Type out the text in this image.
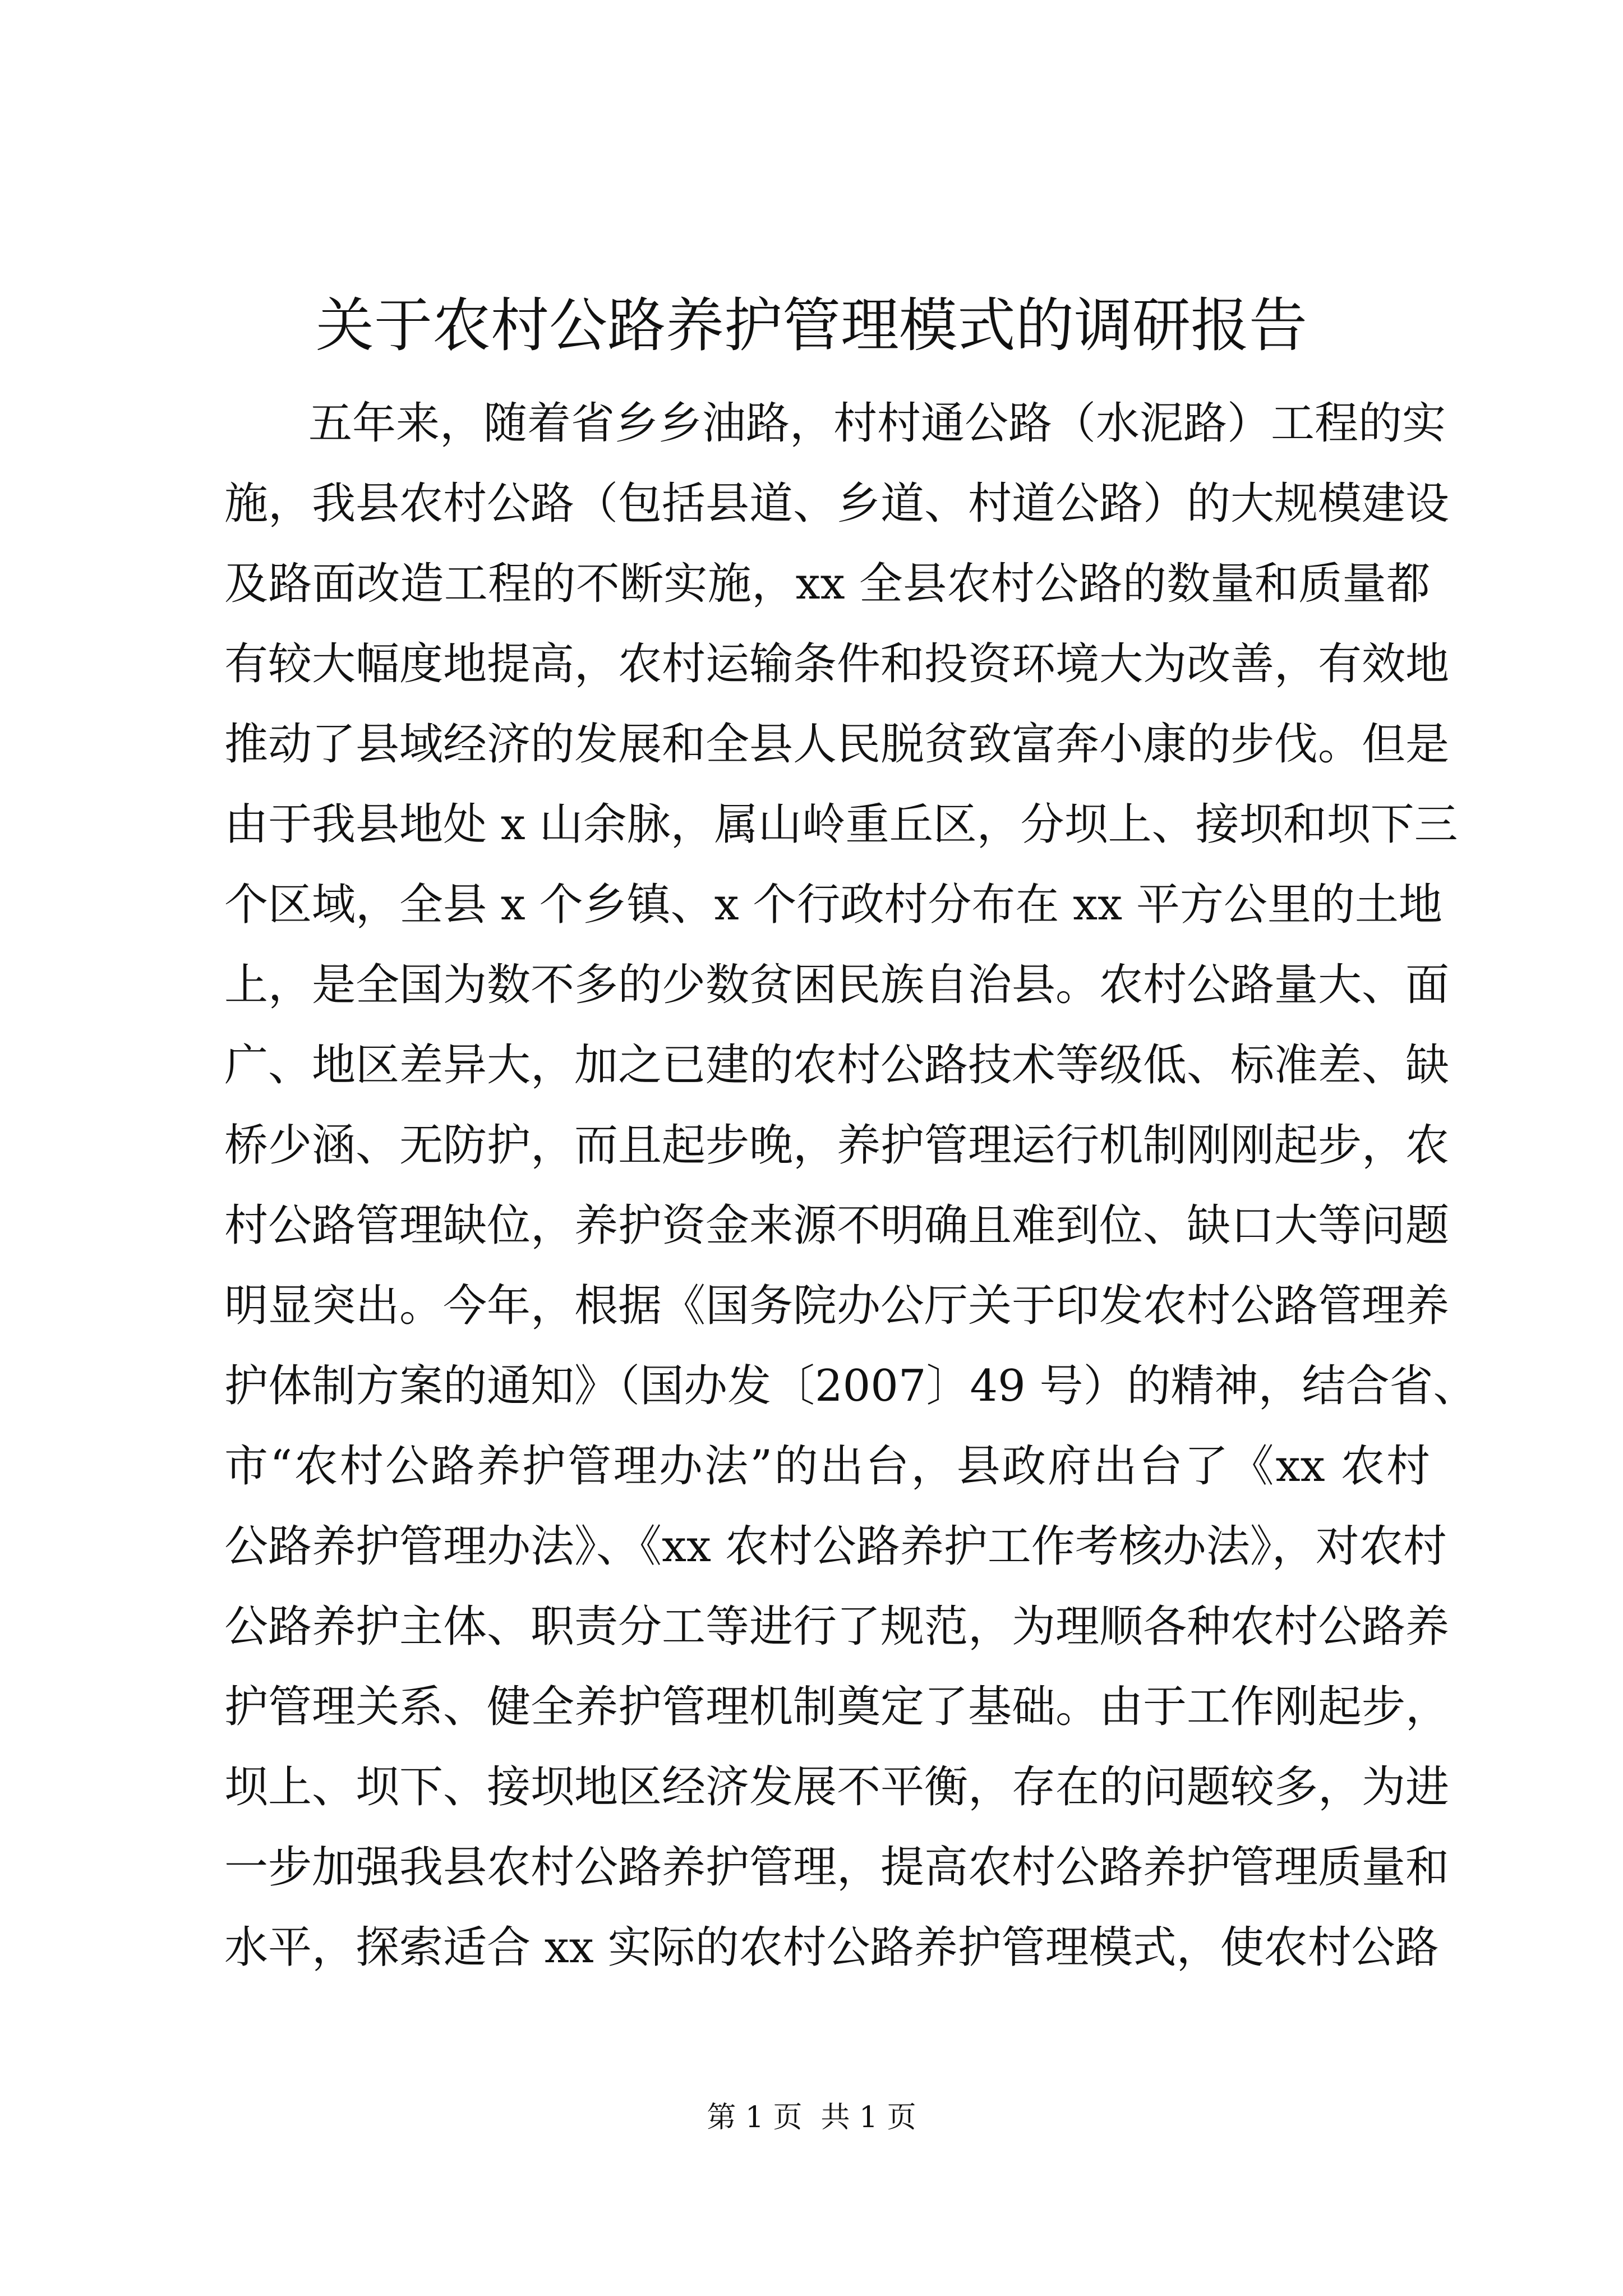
关于农村公路养护管理模式的调研报告
五年来，随着省乡乡油路，村村通公路（水泥路）工程的实
施，我县农村公路（包括县道、乡道、村道公路）的大规模建设
及路面改造工程的不断实施，xx 全县农村公路的数量和质量都
有较大幅度地提高，农村运输条件和投资环境大为改善，有效地
推动了县域经济的发展和全县人民脱贫致富奔小康的步伐。但是
由于我县地处 x 山余脉，属山岭重丘区，分坝上、接坝和坝下三
个区域，全县 x 个乡镇、x 个行政村分布在 xx 平方公里的土地
上，是全国为数不多的少数贫困民族自治县。农村公路量大、面
广、地区差异大，加之已建的农村公路技术等级低、标准差、缺
桥少涵、无防护，而且起步晚，养护管理运行机制刚刚起步，农
村公路管理缺位，养护资金来源不明确且难到位、缺口大等问题
明显突出。今年，根据《国务院办公厅关于印发农村公路管理养
护体制方案的通知》（国办发〔2007〕49 号）的精神，结合省、
市“农村公路养护管理办法”的出台，县政府出台了《xx 农村
公路养护管理办法》、《xx 农村公路养护工作考核办法》，对农村
公路养护主体、职责分工等进行了规范，为理顺各种农村公路养
护管理关系、健全养护管理机制奠定了基础。由于工作刚起步，
坝上、坝下、接坝地区经济发展不平衡，存在的问题较多，为进
一步加强我县农村公路养护管理，提高农村公路养护管理质量和
水平，探索适合 xx 实际的农村公路养护管理模式，使农村公路
第 1 页  共 1 页
